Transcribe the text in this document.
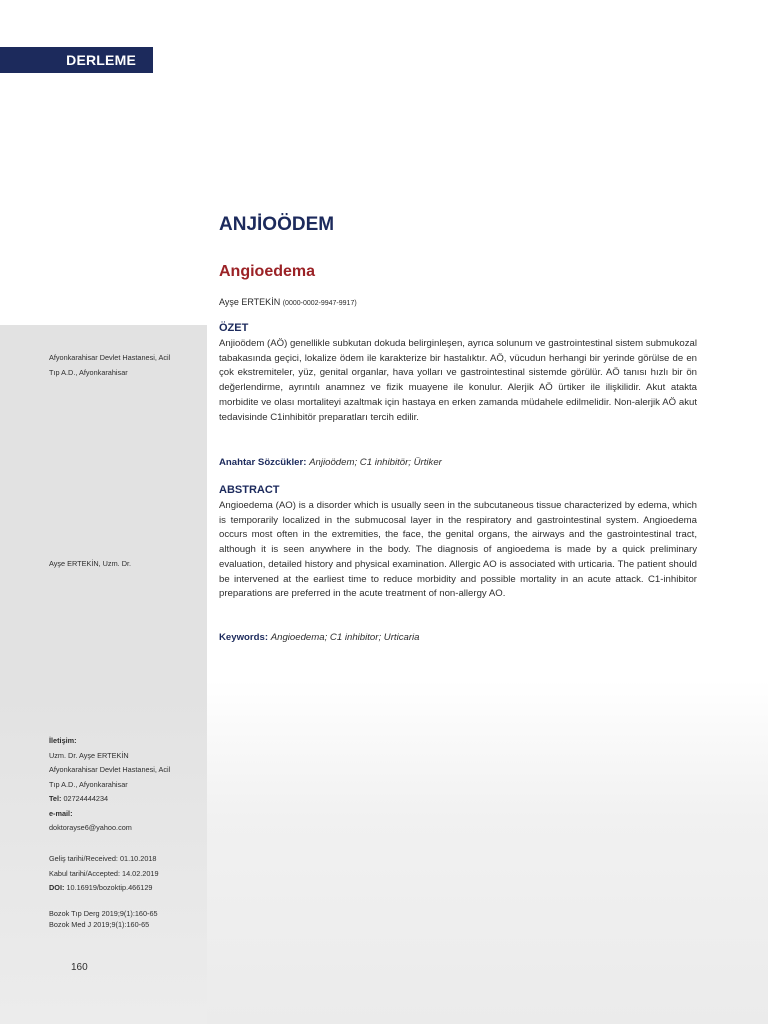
DERLEME
ANJİOÖDEM
Angioedema
Ayşe ERTEKİN (0000-0002-9947-9917)
ÖZET

Anjioödem (AÖ) genellikle subkutan dokuda belirginleşen, ayrıca solunum ve gastrointestinal sistem submukozal tabakasında geçici, lokalize ödem ile karakterize bir hastalıktır. AÖ, vücudun herhangi bir yerinde görülse de en çok ekstremiteler, yüz, genital organlar, hava yolları ve gastrointestinal sistemde görülür. AÖ tanısı hızlı bir ön değerlendirme, ayrıntılı anamnez ve fizik muayene ile konulur. Alerjik AÖ ürtiker ile ilişkilidir. Akut atakta morbidite ve olası mortaliteyi azaltmak için hastaya en erken zamanda müdahele edilmelidir. Non-alerjik AÖ akut tedavisinde C1inhibitör preparatları tercih edilir.

Anahtar Sözcükler: Anjioödem; C1 inhibitör; Ürtiker
ABSTRACT

Angioedema (AO) is a disorder which is usually seen in the subcutaneous tissue characterized by edema, which is temporarily localized in the submucosal layer in the respiratory and gastrointestinal system. Angioedema occurs most often in the extremities, the face, the genital organs, the airways and the gastrointestinal tract, although it is seen anywhere in the body. The diagnosis of angioedema is made by a quick preliminary evaluation, detailed history and physical examination. Allergic AO is associated with urticaria. The patient should be intervened at the earliest time to reduce morbidity and possible mortality in an acute attack. C1-inhibitor preparations are preferred in the acute treatment of non-allergy AO.

Keywords: Angioedema; C1 inhibitor; Urticaria
Afyonkarahisar Devlet Hastanesi, Acil
Tıp A.D., Afyonkarahisar
Ayşe ERTEKİN, Uzm. Dr.
İletişim:
Uzm. Dr. Ayşe ERTEKİN
Afyonkarahisar Devlet Hastanesi, Acil
Tıp A.D., Afyonkarahisar
Tel: 02724444234
e-mail:
doktorayse6@yahoo.com
Geliş tarihi/Received: 01.10.2018
Kabul tarihi/Accepted: 14.02.2019
DOI: 10.16919/bozoktip.466129
Bozok Tıp Derg 2019;9(1):160-65
Bozok Med J 2019;9(1):160-65
160
